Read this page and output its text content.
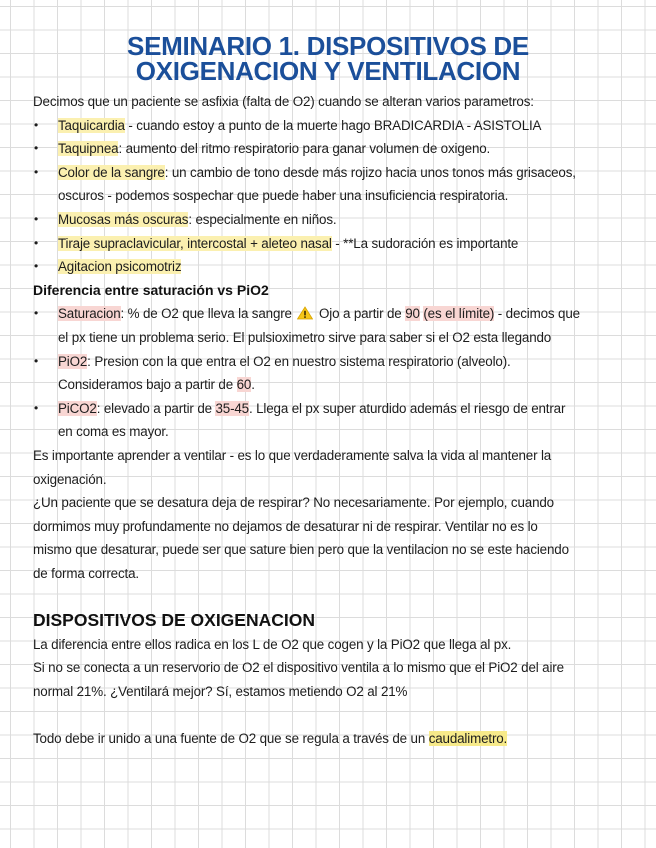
SEMINARIO 1. DISPOSITIVOS DE
OXIGENACION Y VENTILACION
Decimos que un paciente se asfixia (falta de O2) cuando se alteran varios parametros:
• Taquicardia - cuando estoy a punto de la muerte hago BRADICARDIA - ASISTOLIA
• Taquipnea: aumento del ritmo respiratorio para ganar volumen de oxigeno.
• Color de la sangre: un cambio de tono desde más rojizo hacia unos tonos más grisaceos,
oscuros - podemos sospechar que puede haber una insuficiencia respiratoria.
• Mucosas más oscuras: especialmente en niños.
• Tiraje supraclavicular, intercostal + aleteo nasal - **La sudoración es importante
• Agitacion psicomotriz
Diferencia entre saturación vs PiO2
• Saturacion: % de O2 que lleva la sangre  Ojo a partir de 90 (es el límite) - decimos que
el px tiene un problema serio. El pulsioximetro sirve para saber si el O2 esta llegando
• PiO2: Presion con la que entra el O2 en nuestro sistema respiratorio (alveolo).
Consideramos bajo a partir de 60.
• PiCO2: elevado a partir de 35-45. Llega el px super aturdido además el riesgo de entrar
en coma es mayor.
Es importante aprender a ventilar - es lo que verdaderamente salva la vida al mantener la
oxigenación.
¿Un paciente que se desatura deja de respirar? No necesariamente. Por ejemplo, cuando
dormimos muy profundamente no dejamos de desaturar ni de respirar. Ventilar no es lo
mismo que desaturar, puede ser que sature bien pero que la ventilacion no se este haciendo
de forma correcta.
DISPOSITIVOS DE OXIGENACION
La diferencia entre ellos radica en los L de O2 que cogen y la PiO2 que llega al px.
Si no se conecta a un reservorio de O2 el dispositivo ventila a lo mismo que el PiO2 del aire
normal 21%. ¿Ventilará mejor? Sí, estamos metiendo O2 al 21%
Todo debe ir unido a una fuente de O2 que se regula a través de un caudalimetro.
